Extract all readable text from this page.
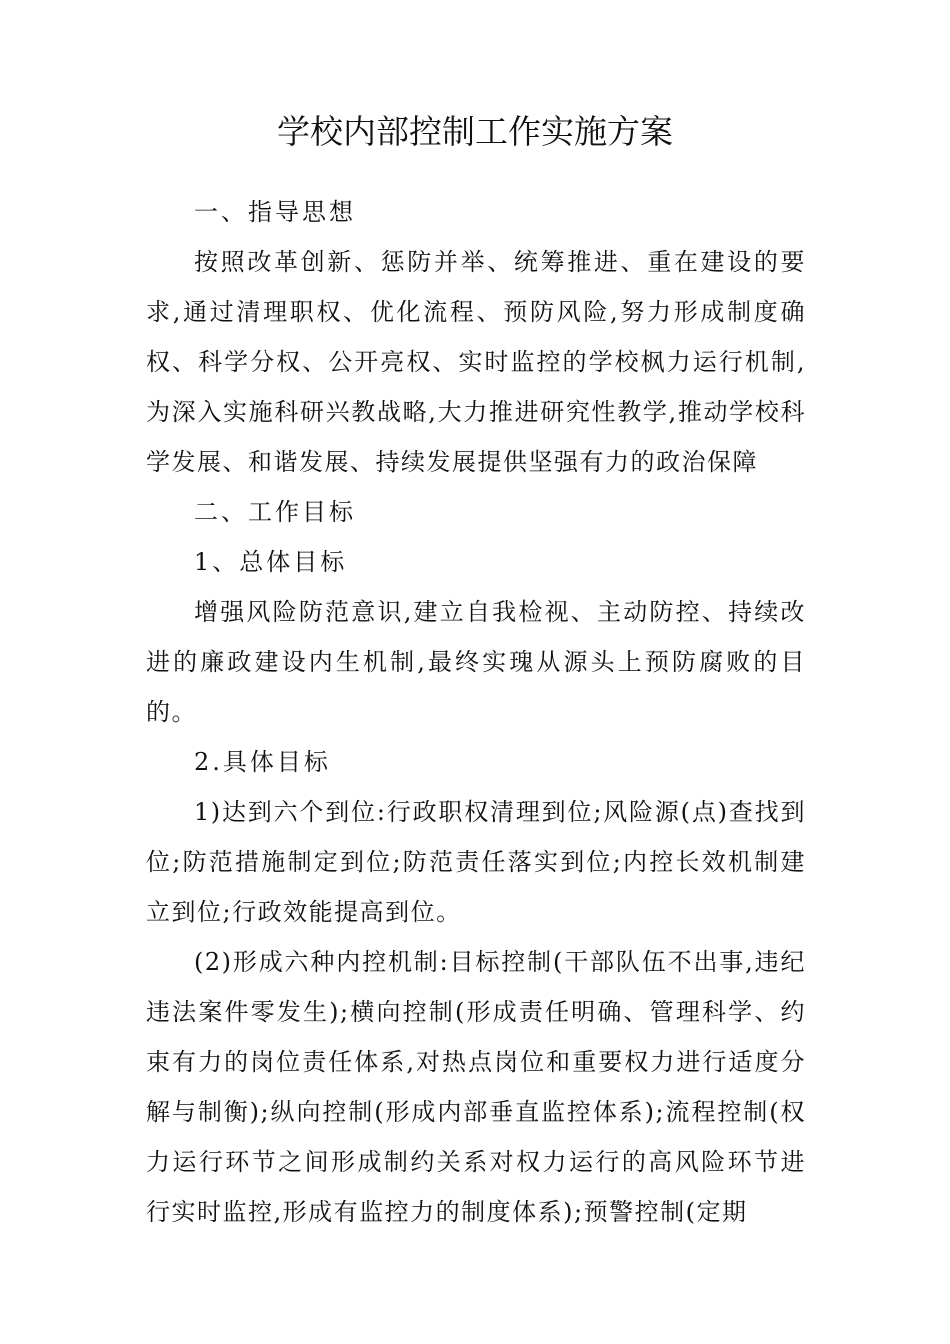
学校内部控制工作实施方案

一、指导思想

按照改革创新、惩防并举、统筹推进、重在建设的要求,通过清理职权、优化流程、预防风险,努力形成制度确权、科学分权、公开亮权、实时监控的学校枫力运行机制,为深入实施科研兴教战略,大力推进研究性教学,推动学校科学发展、和谐发展、持续发展提供坚强有力的政治保障

二、工作目标

1、总体目标

增强风险防范意识,建立自我检视、主动防控、持续改进的廉政建设内生机制,最终实瑰从源头上预防腐败的目的。

2.具体目标

1)达到六个到位:行政职权清理到位;风险源(点)查找到位;防范措施制定到位;防范责任落实到位;内控长效机制建立到位;行政效能提高到位。

(2)形成六种内控机制:目标控制(干部队伍不出事,违纪违法案件零发生);横向控制(形成责任明确、管理科学、约束有力的岗位责任体系,对热点岗位和重要权力进行适度分解与制衡);纵向控制(形成内部垂直监控体系);流程控制(权力运行环节之间形成制约关系对权力运行的高风险环节进行实时监控,形成有监控力的制度体系);预警控制(定期
